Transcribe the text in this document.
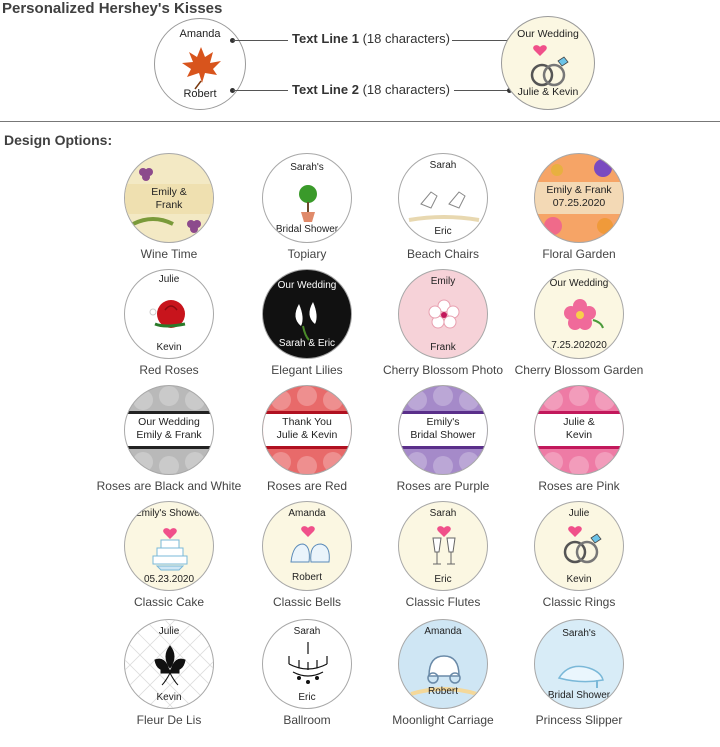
Personalized Hershey's Kisses
Amanda
Robert
Text Line 1 (18 characters)
Text Line 2 (18 characters)
Our Wedding
Julie & Kevin
Design Options:
Emily &
Frank
Wine Time
Sarah's
Bridal Shower
Topiary
Sarah
Eric
Beach Chairs
Emily & Frank
07.25.2020
Floral Garden
Julie
Kevin
Red Roses
Our Wedding
Sarah & Eric
Elegant Lilies
Emily
Frank
Cherry Blossom Photo
Our Wedding
7.25.202020
Cherry Blossom Garden
Our Wedding
Emily & Frank
Roses are Black and White
Thank You
Julie & Kevin
Roses are Red
Emily's
Bridal Shower
Roses are Purple
Julie &
Kevin
Roses are Pink
Emily's Shower
05.23.2020
Classic Cake
Amanda
Robert
Classic Bells
Sarah
Eric
Classic Flutes
Julie
Kevin
Classic Rings
Julie
Kevin
Fleur De Lis
Sarah
Eric
Ballroom
Amanda
Robert
Moonlight Carriage
Sarah's
Bridal Shower
Princess Slipper
